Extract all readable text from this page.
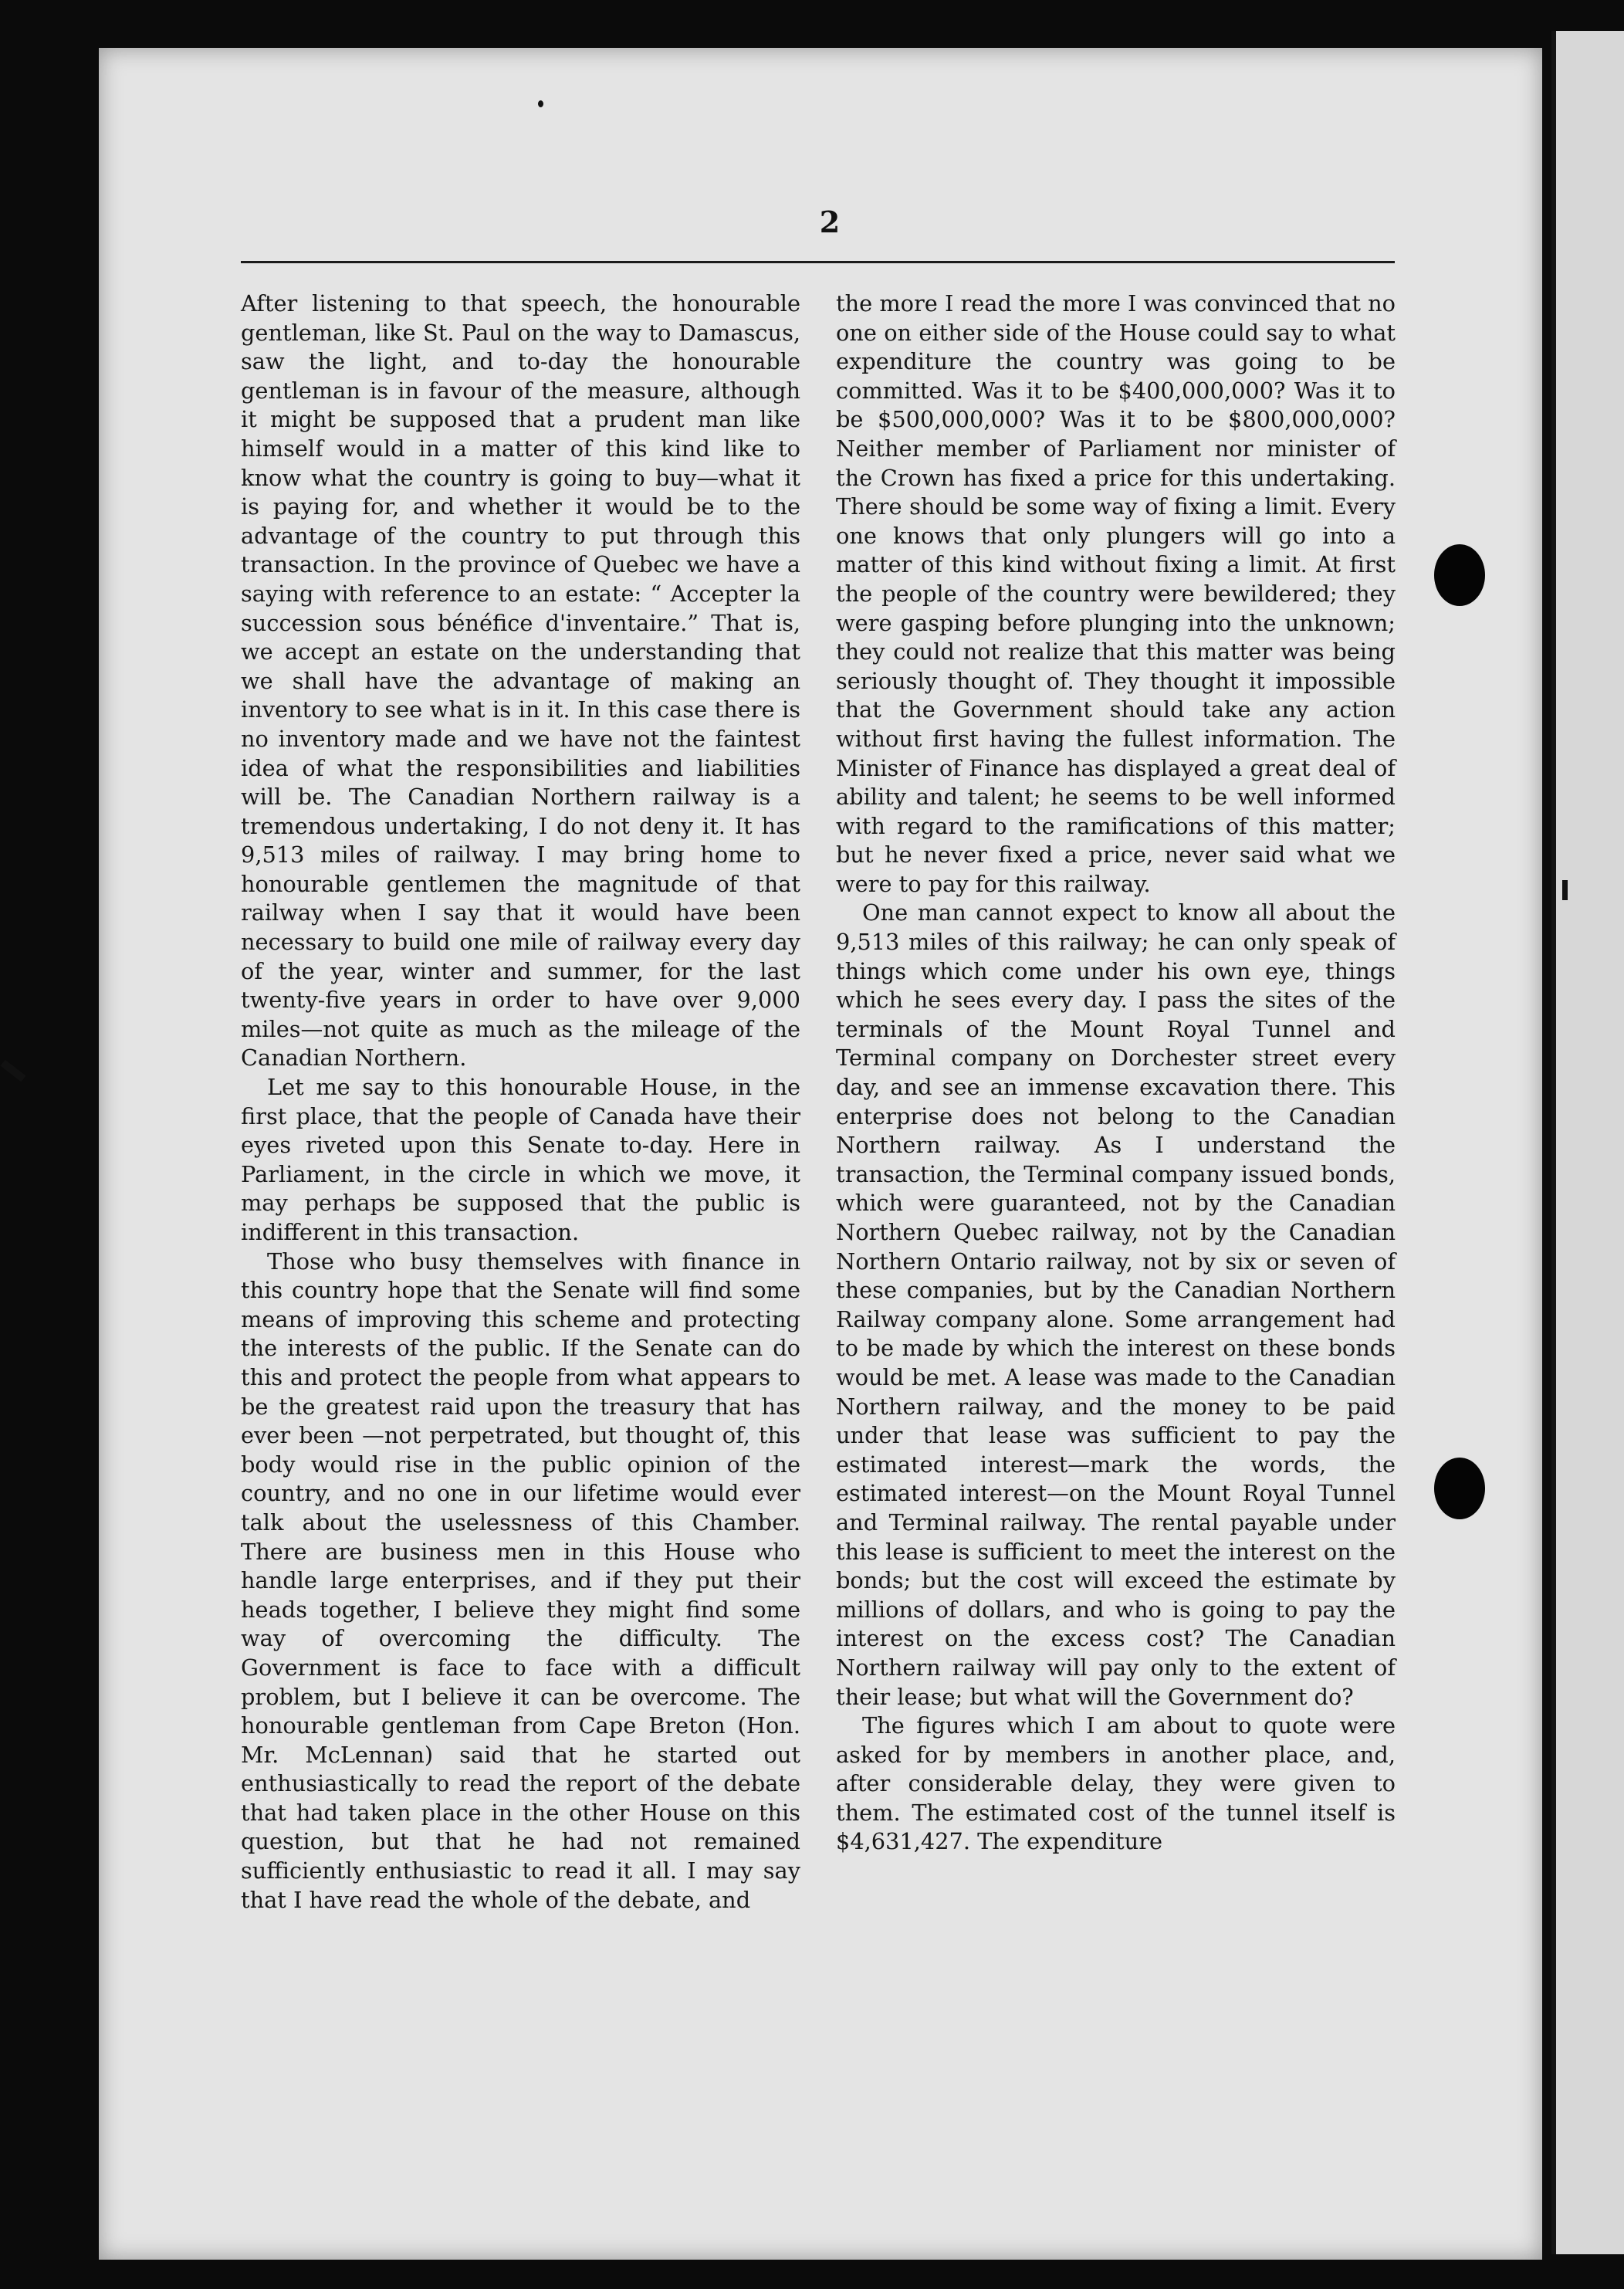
2

After listening to that speech, the honourable gentleman, like St. Paul on the way to Damascus, saw the light, and to-day the honourable gentleman is in favour of the measure, although it might be supposed that a prudent man like himself would in a matter of this kind like to know what the country is going to buy—what it is paying for, and whether it would be to the advantage of the country to put through this transaction. In the province of Quebec we have a saying with reference to an estate: “ Accepter la succession sous bénéfice d'inventaire.” That is, we accept an estate on the understanding that we shall have the advantage of making an inventory to see what is in it. In this case there is no inventory made and we have not the faintest idea of what the responsibilities and liabilities will be. The Canadian Northern railway is a tremendous undertaking, I do not deny it. It has 9,513 miles of railway. I may bring home to honourable gentlemen the magnitude of that railway when I say that it would have been necessary to build one mile of railway every day of the year, winter and summer, for the last twenty-five years in order to have over 9,000 miles—not quite as much as the mileage of the Canadian Northern.

Let me say to this honourable House, in the first place, that the people of Canada have their eyes riveted upon this Senate to-day. Here in Parliament, in the circle in which we move, it may perhaps be supposed that the public is indifferent in this transaction.

Those who busy themselves with finance in this country hope that the Senate will find some means of improving this scheme and protecting the interests of the public. If the Senate can do this and protect the people from what appears to be the greatest raid upon the treasury that has ever been —not perpetrated, but thought of, this body would rise in the public opinion of the country, and no one in our lifetime would ever talk about the uselessness of this Chamber. There are business men in this House who handle large enterprises, and if they put their heads together, I believe they might find some way of overcoming the difficulty. The Government is face to face with a difficult problem, but I believe it can be overcome. The honourable gentleman from Cape Breton (Hon. Mr. McLennan) said that he started out enthusiastically to read the report of the debate that had taken place in the other House on this question, but that he had not remained sufficiently enthusiastic to read it all. I may say that I have read the whole of the debate, and

the more I read the more I was convinced that no one on either side of the House could say to what expenditure the country was going to be committed. Was it to be $400,000,000? Was it to be $500,000,000? Was it to be $800,000,000? Neither member of Parliament nor minister of the Crown has fixed a price for this undertaking. There should be some way of fixing a limit. Every one knows that only plungers will go into a matter of this kind without fixing a limit. At first the people of the country were bewildered; they were gasping before plunging into the unknown; they could not realize that this matter was being seriously thought of. They thought it impossible that the Government should take any action without first having the fullest information. The Minister of Finance has displayed a great deal of ability and talent; he seems to be well informed with regard to the ramifications of this matter; but he never fixed a price, never said what we were to pay for this railway.

One man cannot expect to know all about the 9,513 miles of this railway; he can only speak of things which come under his own eye, things which he sees every day. I pass the sites of the terminals of the Mount Royal Tunnel and Terminal company on Dorchester street every day, and see an immense excavation there. This enterprise does not belong to the Canadian Northern railway. As I understand the transaction, the Terminal company issued bonds, which were guaranteed, not by the Canadian Northern Quebec railway, not by the Canadian Northern Ontario railway, not by six or seven of these companies, but by the Canadian Northern Railway company alone. Some arrangement had to be made by which the interest on these bonds would be met. A lease was made to the Canadian Northern railway, and the money to be paid under that lease was sufficient to pay the estimated interest—mark the words, the estimated interest—on the Mount Royal Tunnel and Terminal railway. The rental payable under this lease is sufficient to meet the interest on the bonds; but the cost will exceed the estimate by millions of dollars, and who is going to pay the interest on the excess cost? The Canadian Northern railway will pay only to the extent of their lease; but what will the Government do?

The figures which I am about to quote were asked for by members in another place, and, after considerable delay, they were given to them. The estimated cost of the tunnel itself is $4,631,427. The expenditure
